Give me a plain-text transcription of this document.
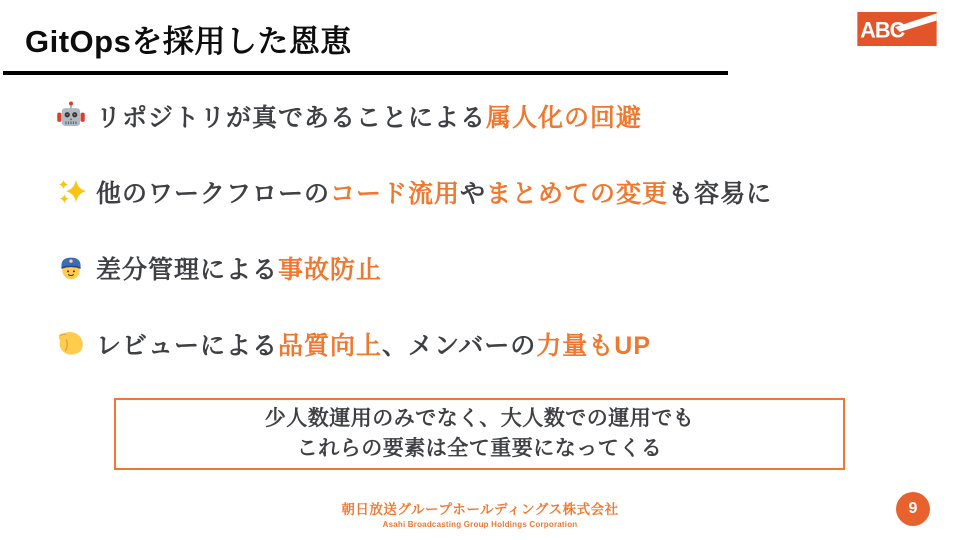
GitOpsを採用した恩恵	ABC
リポジトリが真であることによる属人化の回避
他のワークフローのコード流用やまとめての変更も容易に
差分管理による事故防止
レビューによる品質向上、メンバーの力量もUP
少人数運用のみでなく、大人数での運用でも
これらの要素は全て重要になってくる
朝日放送グループホールディングス株式会社
Asahi Broadcasting Group Holdings Corporation
9
